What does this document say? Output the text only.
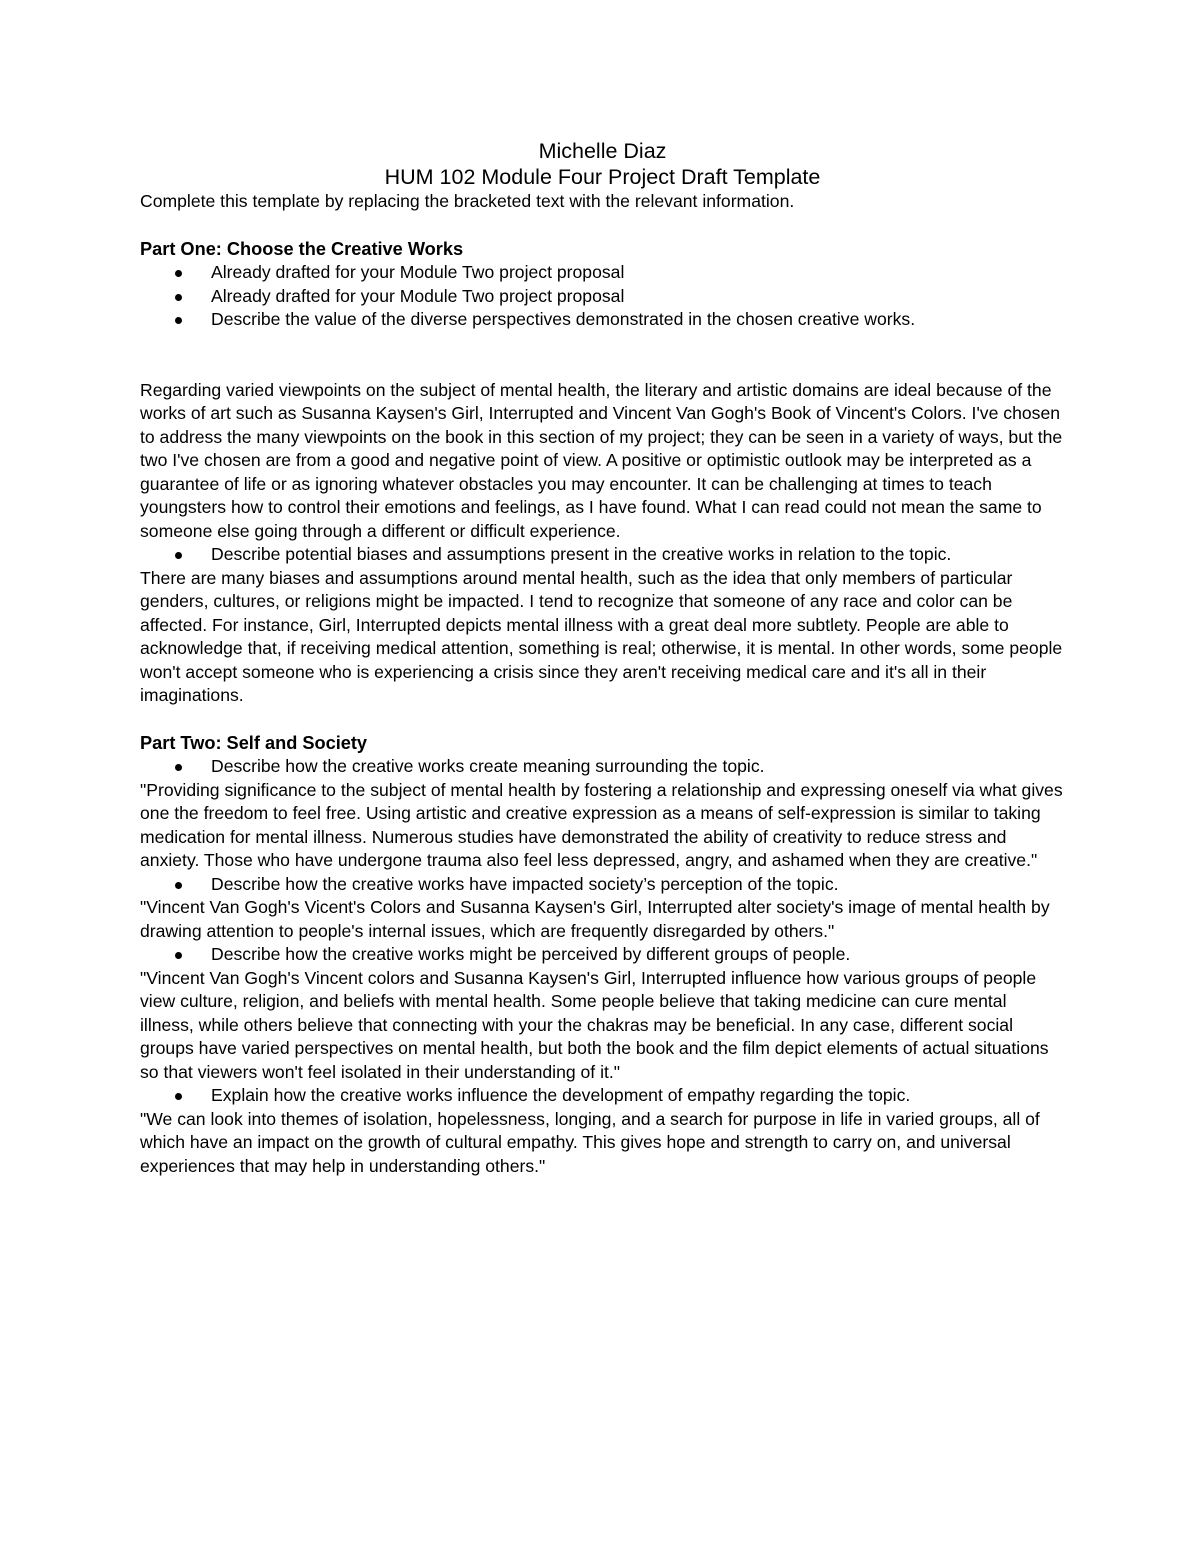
Michelle Diaz
HUM 102 Module Four Project Draft Template

Complete this template by replacing the bracketed text with the relevant information.

Part One: Choose the Creative Works
Already drafted for your Module Two project proposal
Already drafted for your Module Two project proposal
Describe the value of the diverse perspectives demonstrated in the chosen creative works.

Regarding varied viewpoints on the subject of mental health, the literary and artistic domains are ideal because of the works of art such as Susanna Kaysen's Girl, Interrupted and Vincent Van Gogh's Book of Vincent's Colors. I've chosen to address the many viewpoints on the book in this section of my project; they can be seen in a variety of ways, but the two I've chosen are from a good and negative point of view. A positive or optimistic outlook may be interpreted as a guarantee of life or as ignoring whatever obstacles you may encounter. It can be challenging at times to teach youngsters how to control their emotions and feelings, as I have found. What I can read could not mean the same to someone else going through a different or difficult experience.

Describe potential biases and assumptions present in the creative works in relation to the topic.

There are many biases and assumptions around mental health, such as the idea that only members of particular genders, cultures, or religions might be impacted. I tend to recognize that someone of any race and color can be affected. For instance, Girl, Interrupted depicts mental illness with a great deal more subtlety. People are able to acknowledge that, if receiving medical attention, something is real; otherwise, it is mental. In other words, some people won't accept someone who is experiencing a crisis since they aren't receiving medical care and it's all in their imaginations.

Part Two: Self and Society
Describe how the creative works create meaning surrounding the topic.

"Providing significance to the subject of mental health by fostering a relationship and expressing oneself via what gives one the freedom to feel free. Using artistic and creative expression as a means of self-expression is similar to taking medication for mental illness. Numerous studies have demonstrated the ability of creativity to reduce stress and anxiety. Those who have undergone trauma also feel less depressed, angry, and ashamed when they are creative."

Describe how the creative works have impacted society’s perception of the topic.

"Vincent Van Gogh's Vicent's Colors and Susanna Kaysen's Girl, Interrupted alter society's image of mental health by drawing attention to people's internal issues, which are frequently disregarded by others."

Describe how the creative works might be perceived by different groups of people.

"Vincent Van Gogh's Vincent colors and Susanna Kaysen's Girl, Interrupted influence how various groups of people view culture, religion, and beliefs with mental health. Some people believe that taking medicine can cure mental illness, while others believe that connecting with your the chakras may be beneficial. In any case, different social groups have varied perspectives on mental health, but both the book and the film depict elements of actual situations so that viewers won't feel isolated in their understanding of it."

Explain how the creative works influence the development of empathy regarding the topic.

"We can look into themes of isolation, hopelessness, longing, and a search for purpose in life in varied groups, all of which have an impact on the growth of cultural empathy. This gives hope and strength to carry on, and universal experiences that may help in understanding others."
